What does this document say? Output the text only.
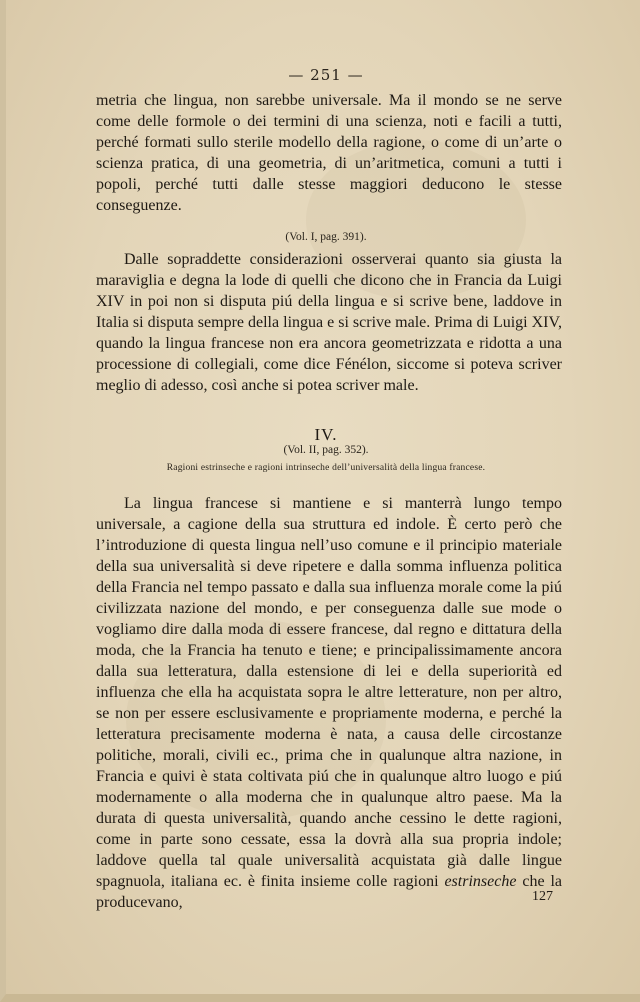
— 251 —
metria che lingua, non sarebbe universale. Ma il mondo se ne serve come delle formole o dei termini di una scienza, noti e facili a tutti, perché formati sullo sterile modello della ragione, o come di un’arte o scienza pratica, di una geometria, di un’aritmetica, comuni a tutti i popoli, perché tutti dalle stesse maggiori deducono le stesse conseguenze.
(Vol. I, pag. 391).
Dalle sopraddette considerazioni osserverai quanto sia giusta la maraviglia e degna la lode di quelli che dicono che in Francia da Luigi XIV in poi non si disputa piú della lingua e si scrive bene, laddove in Italia si disputa sempre della lingua e si scrive male. Prima di Luigi XIV, quando la lingua francese non era ancora geometrizzata e ridotta a una processione di collegiali, come dice Fénélon, siccome si poteva scriver meglio di adesso, così anche si potea scriver male.
IV.
(Vol. II, pag. 352).
Ragioni estrinseche e ragioni intrinseche dell’universalità della lingua francese.
La lingua francese si mantiene e si manterrà lungo tempo universale, a cagione della sua struttura ed indole. È certo però che l’introduzione di questa lingua nell’uso comune e il principio materiale della sua universalità si deve ripetere e dalla somma influenza politica della Francia nel tempo passato e dalla sua influenza morale come la piú civilizzata nazione del mondo, e per conseguenza dalle sue mode o vogliamo dire dalla moda di essere francese, dal regno e dittatura della moda, che la Francia ha tenuto e tiene; e principalissimamente ancora dalla sua letteratura, dalla estensione di lei e della superiorità ed influenza che ella ha acquistata sopra le altre letterature, non per altro, se non per essere esclusivamente e propriamente moderna, e perché la letteratura precisamente moderna è nata, a causa delle circostanze politiche, morali, civili ec., prima che in qualunque altra nazione, in Francia e quivi è stata coltivata piú che in qualunque altro luogo e piú modernamente o alla moderna che in qualunque altro paese. Ma la durata di questa universalità, quando anche cessino le dette ragioni, come in parte sono cessate, essa la dovrà alla sua propria indole; laddove quella tal quale universalità acquistata già dalle lingue spagnuola, italiana ec. è finita insieme colle ragioni estrinseche che la producevano,	127
